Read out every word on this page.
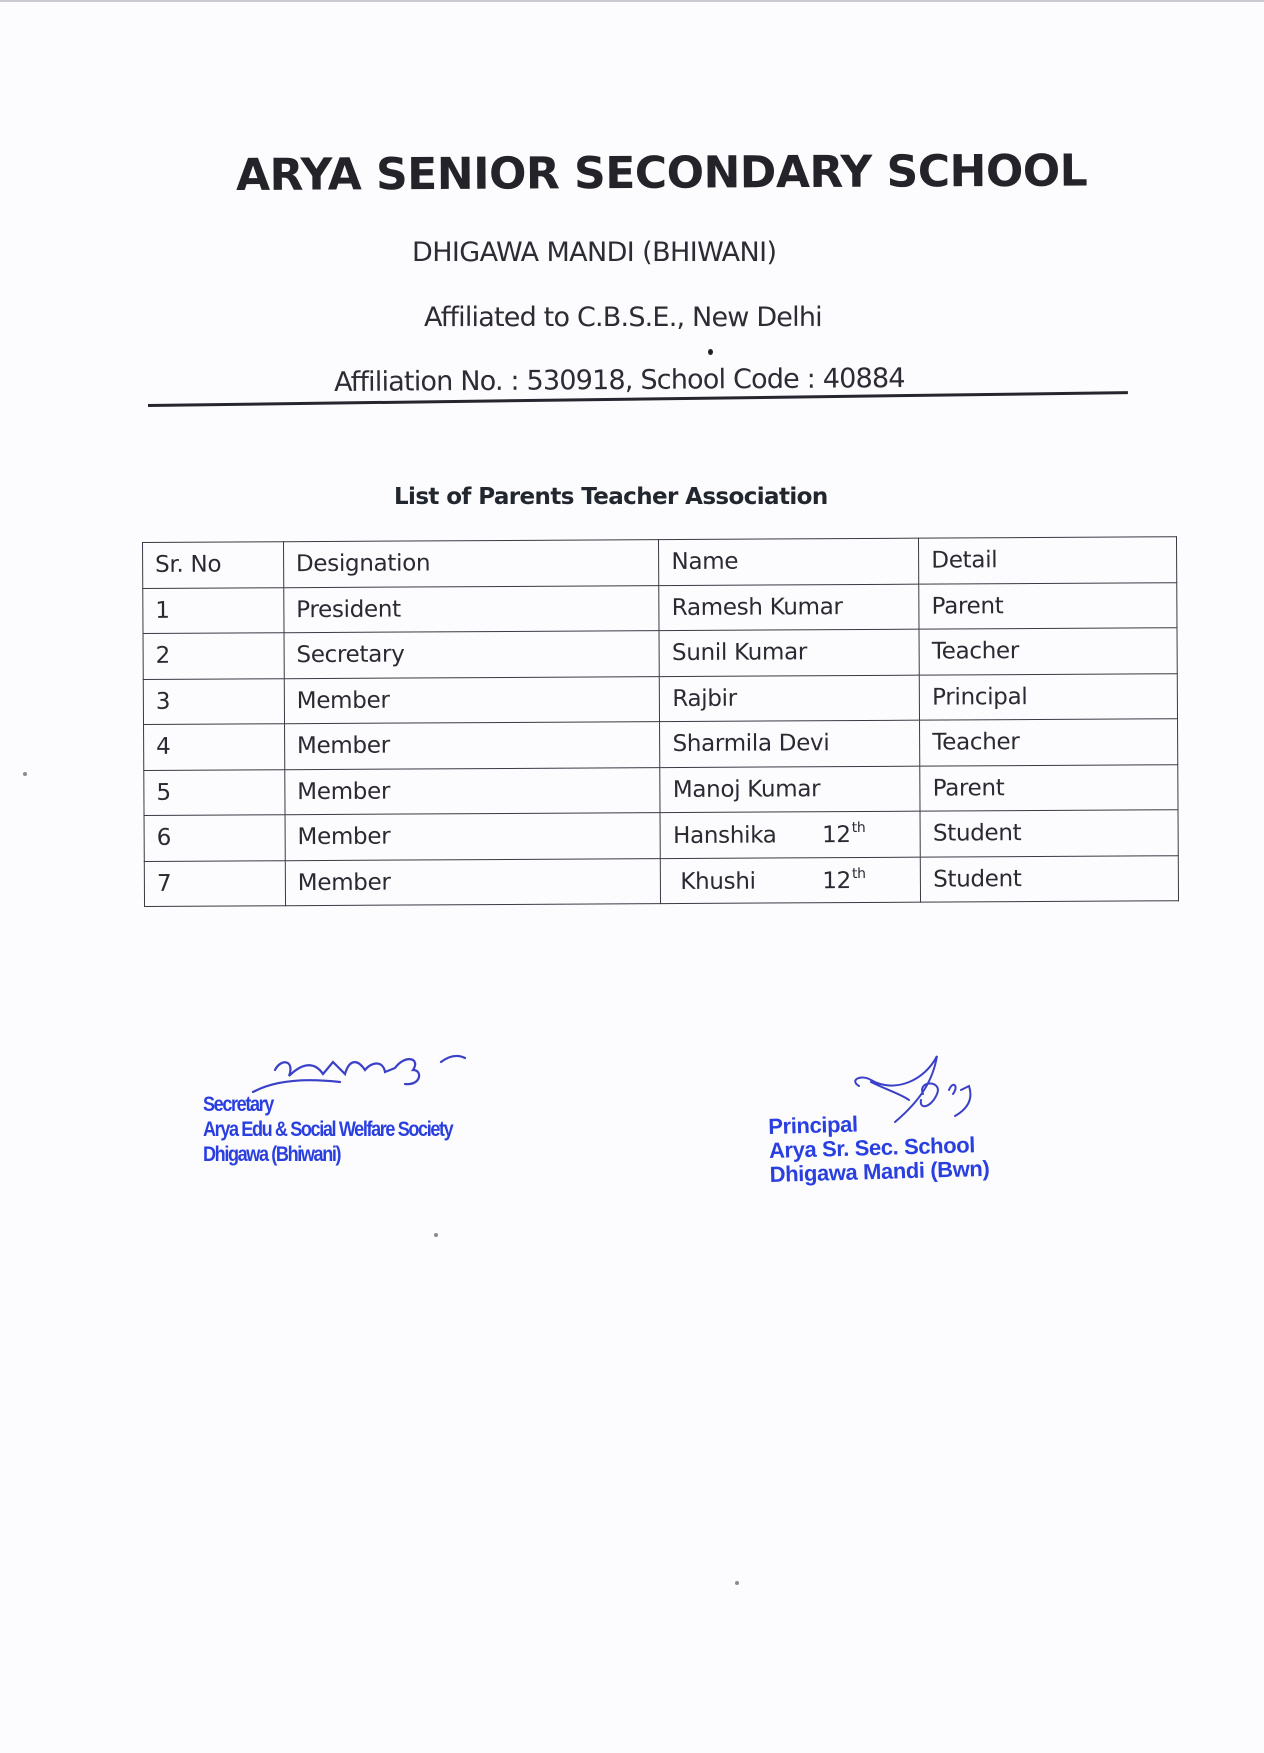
ARYA SENIOR SECONDARY SCHOOL
DHIGAWA MANDI (BHIWANI)
Affiliated to C.B.S.E., New Delhi
Affiliation No. : 530918, School Code : 40884
List of Parents Teacher Association
Sr. No	Designation	Name	Detail
1	President	Ramesh Kumar	Parent
2	Secretary	Sunil Kumar	Teacher
3	Member	Rajbir	Principal
4	Member	Sharmila Devi	Teacher
5	Member	Manoj Kumar	Parent
6	Member	Hanshika 12th	Student
7	Member	Khushi 12th	Student
Secretary
Arya Edu & Social Welfare Society
Dhigawa (Bhiwani)
Principal
Arya Sr. Sec. School
Dhigawa Mandi (Bwn)
